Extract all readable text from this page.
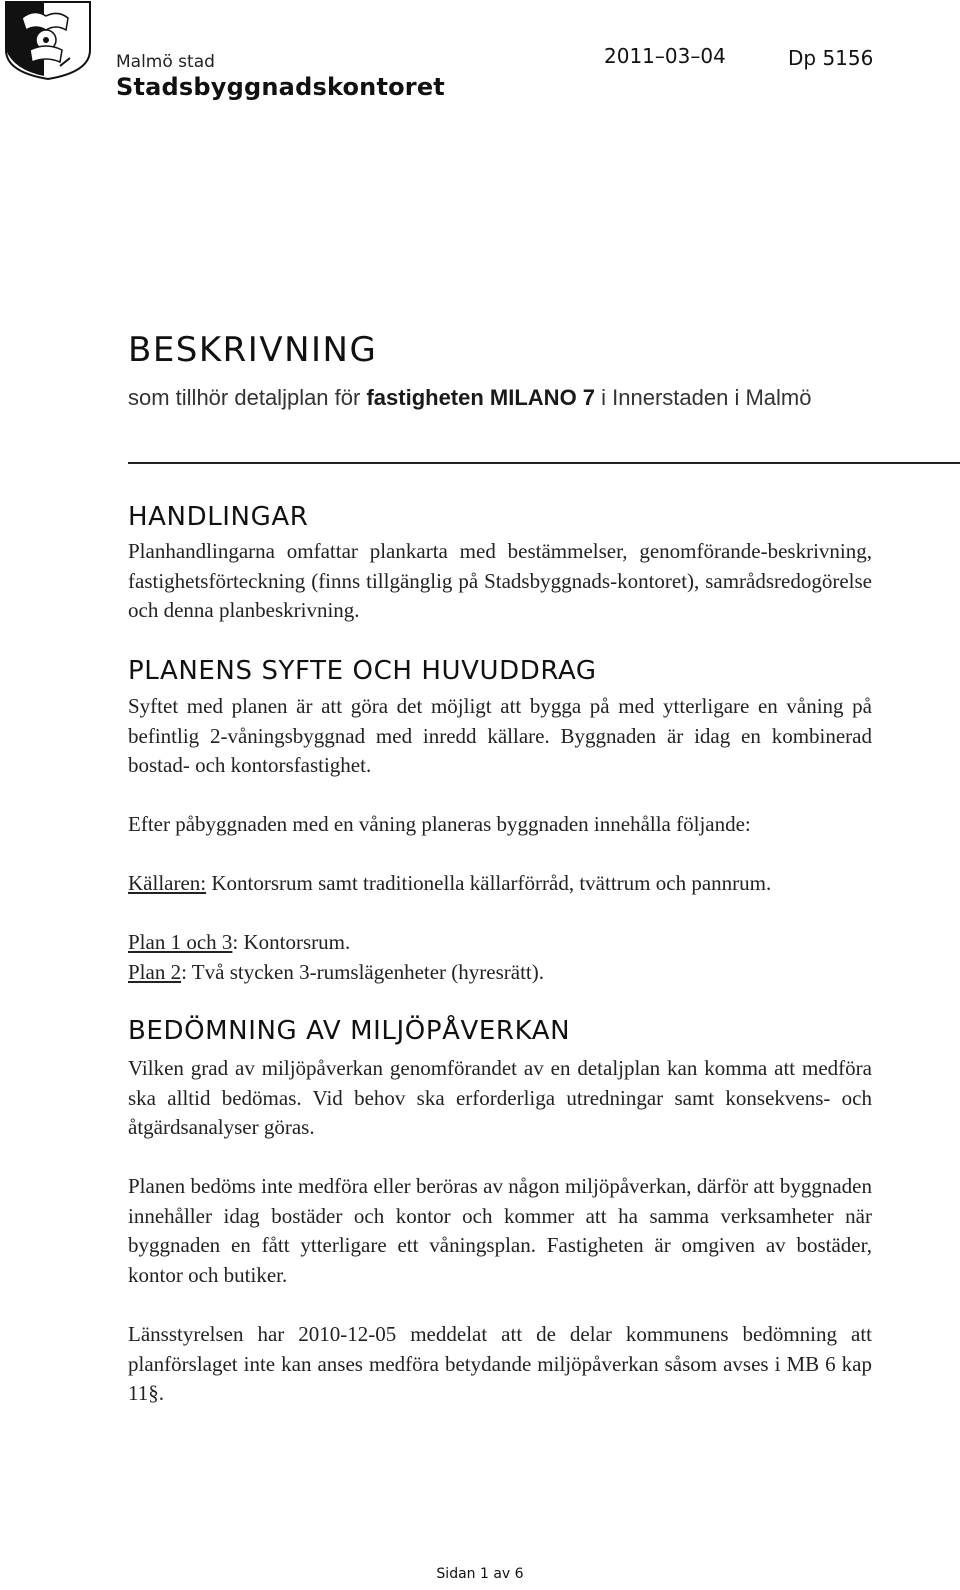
Malmö stad
Stadsbyggnadskontoret
2011–03–04	Dp 5156
BESKRIVNING
som tillhör detaljplan för fastigheten MILANO 7 i Innerstaden i Malmö
HANDLINGAR

Planhandlingarna omfattar plankarta med bestämmelser, genomförande-beskrivning, fastighetsförteckning (finns tillgänglig på Stadsbyggnads-kontoret), samrådsredogörelse och denna planbeskrivning.

PLANENS SYFTE OCH HUVUDDRAG

Syftet med planen är att göra det möjligt att bygga på med ytterligare en våning på befintlig 2-våningsbyggnad med inredd källare. Byggnaden är idag en kombinerad bostad- och kontorsfastighet.

Efter påbyggnaden med en våning planeras byggnaden innehålla följande:

Källaren: Kontorsrum samt traditionella källarförråd, tvättrum och pannrum.

Plan 1 och 3: Kontorsrum.

Plan 2: Två stycken 3-rumslägenheter (hyresrätt).

BEDÖMNING AV MILJÖPÅVERKAN

Vilken grad av miljöpåverkan genomförandet av en detaljplan kan komma att medföra ska alltid bedömas. Vid behov ska erforderliga utredningar samt konsekvens- och åtgärdsanalyser göras.

Planen bedöms inte medföra eller beröras av någon miljöpåverkan, därför att byggnaden innehåller idag bostäder och kontor och kommer att ha samma verksamheter när byggnaden en fått ytterligare ett våningsplan. Fastigheten är omgiven av bostäder, kontor och butiker.

Länsstyrelsen har 2010-12-05 meddelat att de delar kommunens bedömning att planförslaget inte kan anses medföra betydande miljöpåverkan såsom avses i MB 6 kap 11§.

Sidan 1 av 6
